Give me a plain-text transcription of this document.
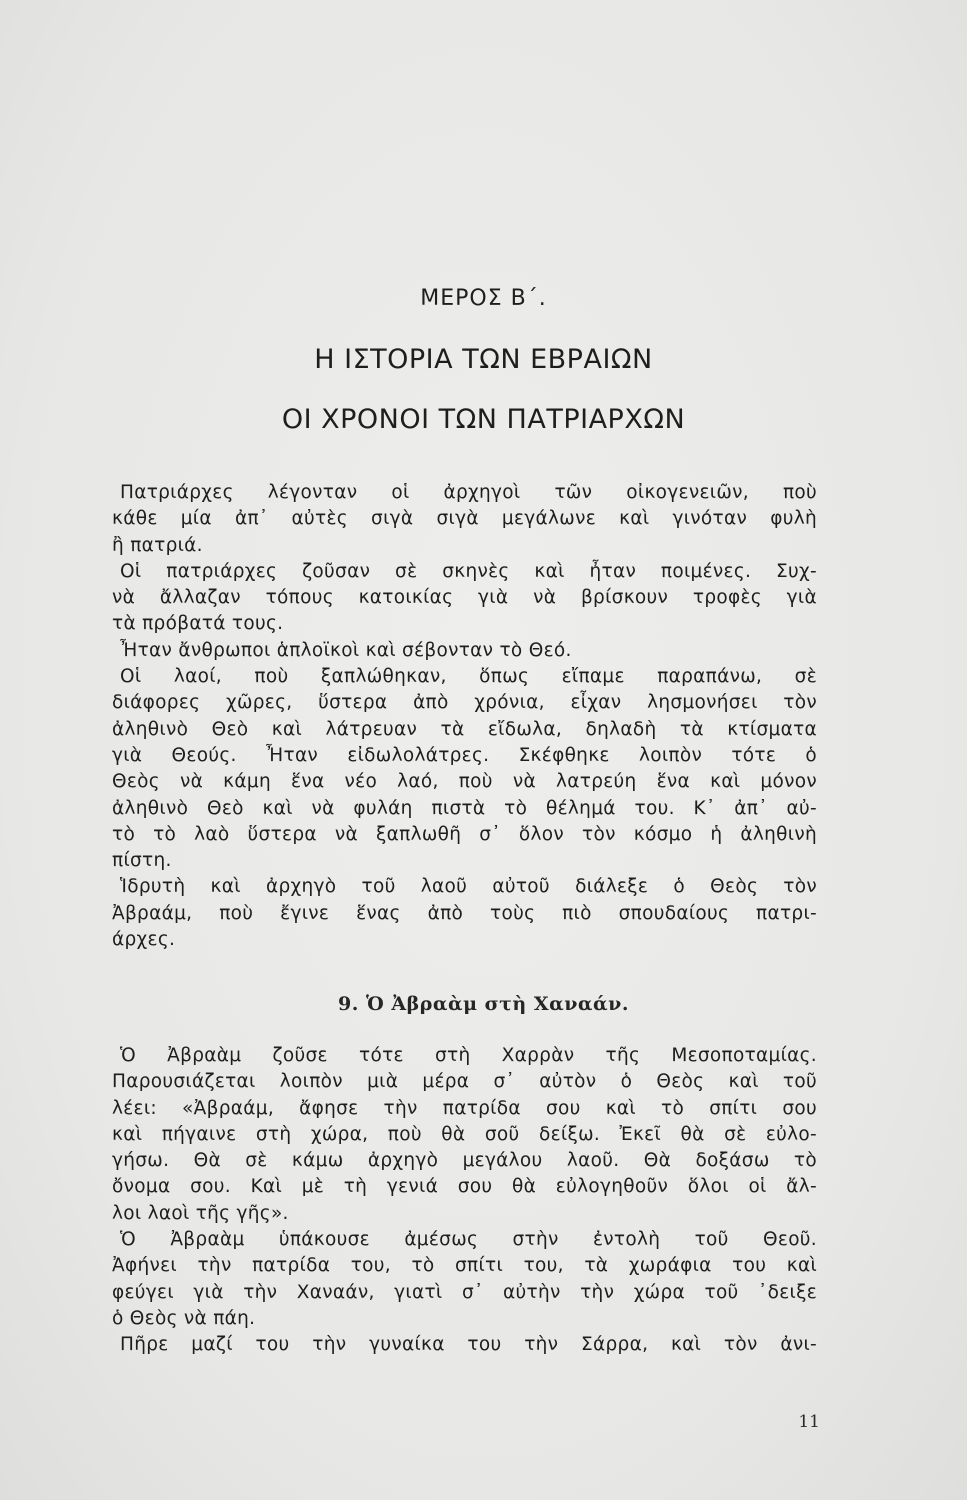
ΜΕΡΟΣ Β΄.
Η ΙΣΤΟΡΙΑ ΤΩΝ ΕΒΡΑΙΩΝ
ΟΙ ΧΡΟΝΟΙ ΤΩΝ ΠΑΤΡΙΑΡΧΩΝ

Πατριάρχες λέγονταν οἱ ἀρχηγοὶ τῶν οἰκογενειῶν, ποὺ
κάθε μία ἀπ᾽ αὐτὲς σιγὰ σιγὰ μεγάλωνε καὶ γινόταν φυλὴ
ἢ πατριά.

Οἱ πατριάρχες ζοῦσαν σὲ σκηνὲς καὶ ἦταν ποιμένες. Συχ-
νὰ ἄλλαζαν τόπους κατοικίας γιὰ νὰ βρίσκουν τροφὲς γιὰ
τὰ πρόβατά τους.

Ἦταν ἄνθρωποι ἁπλοϊκοὶ καὶ σέβονταν τὸ Θεό.

Οἱ λαοί, ποὺ ξαπλώθηκαν, ὅπως εἴπαμε παραπάνω, σὲ
διάφορες χῶρες, ὕστερα ἀπὸ χρόνια, εἶχαν λησμονήσει τὸν
ἀληθινὸ Θεὸ καὶ λάτρευαν τὰ εἴδωλα, δηλαδὴ τὰ κτίσματα
γιὰ Θεούς. Ἦταν εἰδωλολάτρες. Σκέφθηκε λοιπὸν τότε ὁ
Θεὸς νὰ κάμη ἕνα νέο λαό, ποὺ νὰ λατρεύη ἕνα καὶ μόνον
ἀληθινὸ Θεὸ καὶ νὰ φυλάη πιστὰ τὸ θέλημά του. Κ᾽ ἀπ᾽ αὐ-
τὸ τὸ λαὸ ὕστερα νὰ ξαπλωθῆ σ᾽ ὅλον τὸν κόσμο ἡ ἀληθινὴ
πίστη.

Ἱδρυτὴ καὶ ἀρχηγὸ τοῦ λαοῦ αὐτοῦ διάλεξε ὁ Θεὸς τὸν
Ἀβραάμ, ποὺ ἔγινε ἕνας ἀπὸ τοὺς πιὸ σπουδαίους πατρι-
άρχες.

9. Ὁ Ἀβραὰμ στὴ Χαναάν.

Ὁ Ἀβραὰμ ζοῦσε τότε στὴ Χαρρὰν τῆς Μεσοποταμίας.
Παρουσιάζεται λοιπὸν μιὰ μέρα σ᾽ αὐτὸν ὁ Θεὸς καὶ τοῦ
λέει: «Ἀβραάμ, ἄφησε τὴν πατρίδα σου καὶ τὸ σπίτι σου
καὶ πήγαινε στὴ χώρα, ποὺ θὰ σοῦ δείξω. Ἐκεῖ θὰ σὲ εὐλο-
γήσω. Θὰ σὲ κάμω ἀρχηγὸ μεγάλου λαοῦ. Θὰ δοξάσω τὸ
ὄνομα σου. Καὶ μὲ τὴ γενιά σου θὰ εὐλογηθοῦν ὅλοι οἱ ἄλ-
λοι λαοὶ τῆς γῆς».

Ὁ Ἀβραὰμ ὑπάκουσε ἀμέσως στὴν ἐντολὴ τοῦ Θεοῦ.
Ἀφήνει τὴν πατρίδα του, τὸ σπίτι του, τὰ χωράφια του καὶ
φεύγει γιὰ τὴν Χαναάν, γιατὶ σ᾽ αὐτὴν τὴν χώρα τοῦ ᾽δειξε
ὁ Θεὸς νὰ πάη.

Πῆρε μαζί του τὴν γυναίκα του τὴν Σάρρα, καὶ τὸν ἀνι-

11
